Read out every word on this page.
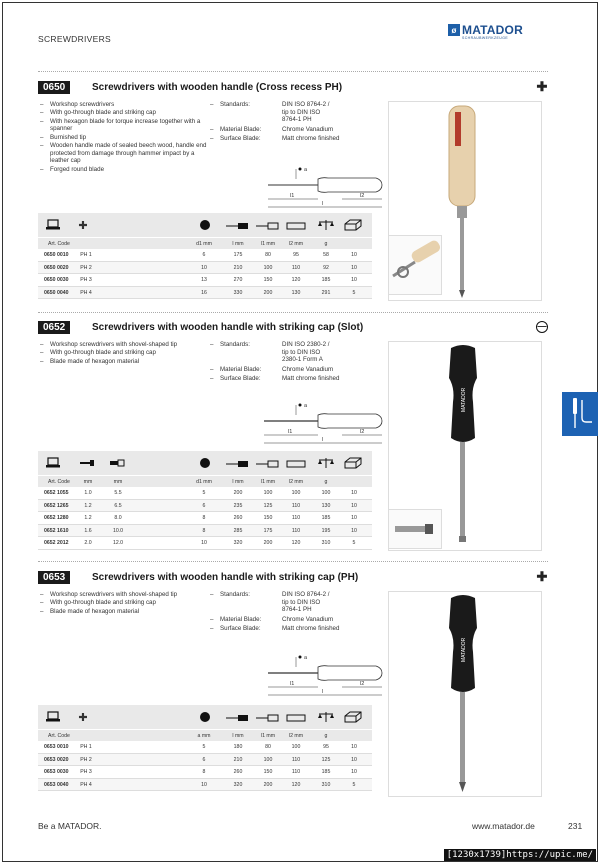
SCREWDRIVERS
ø MATADOR
SCHRAUBWERKZEUGE
0650	Screwdrivers with wooden handle (Cross recess PH)	✚
– Workshop screwdrivers
– With go-through blade and striking cap
– With hexagon blade for torque increase together with a spanner
– Burnished tip
– Wooden handle made of sealed beech wood, handle end protected from damage through hammer impact by a leather cap
– Forged round blade
– Standards:	DIN ISO 8764-2 /
tip to DIN ISO
8764-1 PH
– Material Blade:	Chrome Vanadium
– Surface Blade:	Matt chrome finished
a
l1	l2
l
✚
Art. Code	d1 mm	l mm	l1 mm	l2 mm	g
0650 0010	PH 1	6	175	80	95	58	10
0650 0020	PH 2	10	210	100	110	92	10
0650 0030	PH 3	13	270	150	120	185	10
0650 0040	PH 4	16	330	200	130	291	5
0652	Screwdrivers with wooden handle with striking cap (Slot)	—
– Workshop screwdrivers with shovel-shaped tip
– With go-through blade and striking cap
– Blade made of hexagon material
– Standards:	DIN ISO 2380-2 /
tip to DIN ISO
2380-1 Form A
– Material Blade:	Chrome Vanadium
– Surface Blade:	Matt chrome finished
a
l1	l2
l
Art. Code	mm	mm	d1 mm	l mm	l1 mm	l2 mm	g
0652 1055	1.0	5.5	5	200	100	100	100	10
0652 1265	1.2	6.5	6	235	125	110	130	10
0652 1280	1.2	8.0	8	260	150	110	185	10
0652 1610	1.6	10.0	8	285	175	110	195	10
0652 2012	2.0	12.0	10	320	200	120	310	5
MATADOR
0653	Screwdrivers with wooden handle with striking cap (PH)	✚
– Workshop screwdrivers with shovel-shaped tip
– With go-through blade and striking cap
– Blade made of hexagon material
– Standards:	DIN ISO 8764-2 /
tip to DIN ISO
8764-1 PH
– Material Blade:	Chrome Vanadium
– Surface Blade:	Matt chrome finished
a
l1	l2
l
✚
Art. Code	a mm	l mm	l1 mm	l2 mm	g
0653 0010	PH 1	5	180	80	100	95	10
0653 0020	PH 2	6	210	100	110	125	10
0653 0030	PH 3	8	260	150	110	185	10
0653 0040	PH 4	10	320	200	120	310	5
MATADOR
Be a MATADOR.	www.matador.de	231
[1230x1739]https://upic.me/
